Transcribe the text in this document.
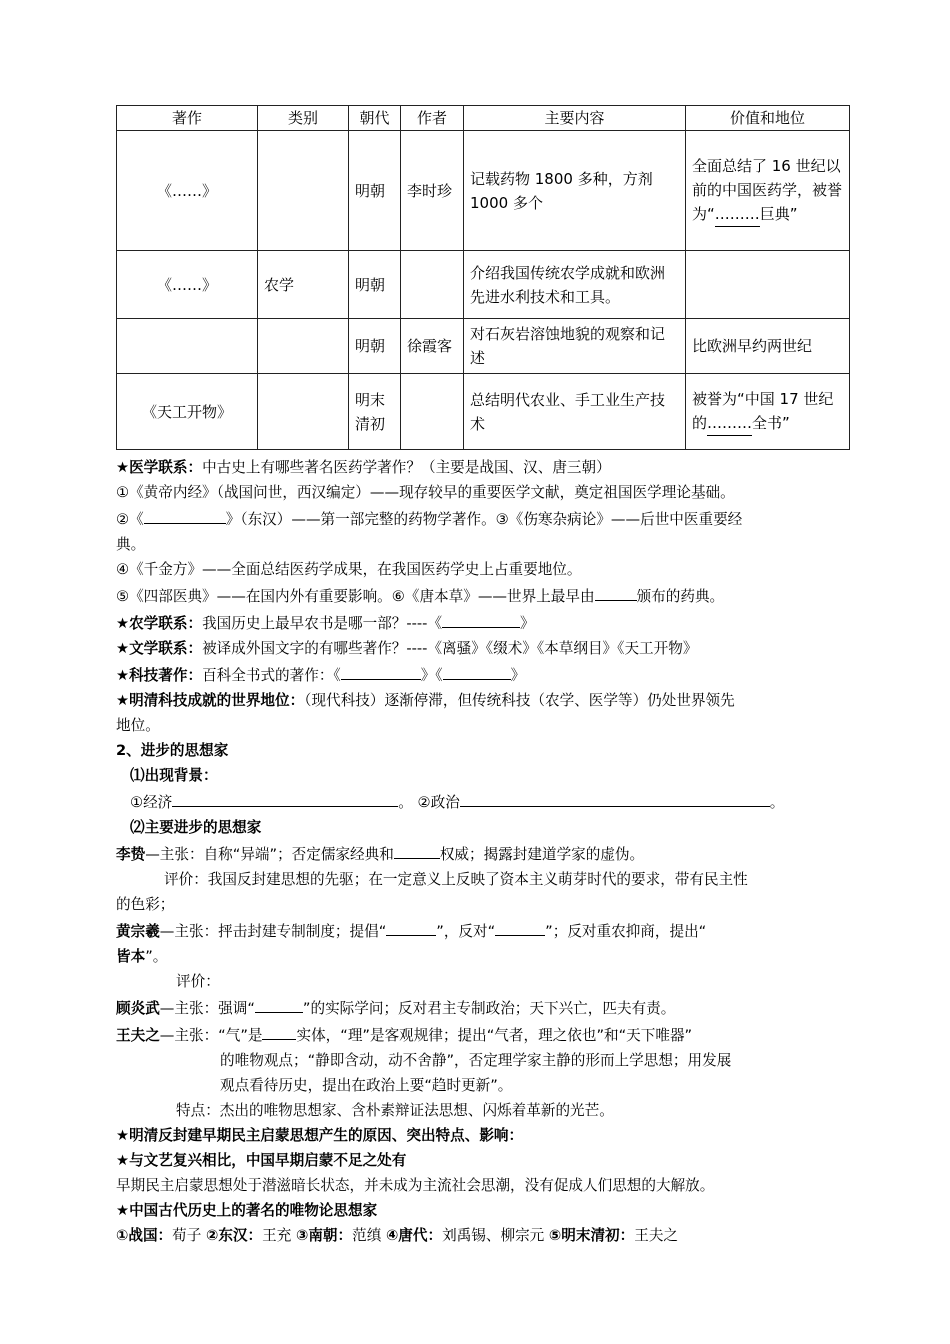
著作	类别	朝代	作者	主要内容	价值和地位
《……》		明朝	李时珍	记载药物 1800 多种，方剂 1000 多个	全面总结了 16 世纪以前的中国医药学，被誉为“………巨典”
《……》	农学	明朝		介绍我国传统农学成就和欧洲先进水利技术和工具。	
		明朝	徐霞客	对石灰岩溶蚀地貌的观察和记述	比欧洲早约两世纪
《天工开物》		明末清初		总结明代农业、手工业生产技术	被誉为“中国 17 世纪的………全书”
★医学联系：中古史上有哪些著名医药学著作？（主要是战国、汉、唐三朝）
①《黄帝内经》（战国问世，西汉编定）——现存较早的重要医学文献，奠定祖国医学理论基础。
②《	》（东汉）——第一部完整的药物学著作。③《伤寒杂病论》——后世中医重要经
典。
④《千金方》——全面总结医药学成果，在我国医药学史上占重要地位。
⑤《四部医典》——在国内外有重要影响。⑥《唐本草》——世界上最早由	颁布的药典。
★农学联系：我国历史上最早农书是哪一部？----《	》
★文学联系：被译成外国文字的有哪些著作？----《离骚》《缀术》《本草纲目》《天工开物》
★科技著作：百科全书式的著作：《	》《	》
★明清科技成就的世界地位：（现代科技）逐渐停滞，但传统科技（农学、医学等）仍处世界领先
地位。
2、进步的思想家
⑴出现背景：
①经济	。 ②政治	。
⑵主要进步的思想家
李贽—主张：自称“异端”；否定儒家经典和	权威；揭露封建道学家的虚伪。
评价：我国反封建思想的先驱；在一定意义上反映了资本主义萌芽时代的要求，带有民主性
的色彩；
黄宗羲—主张：抨击封建专制制度；提倡“	”，反对“	”；反对重农抑商，提出“
皆本”。
评价：
顾炎武—主张：强调“	”的实际学问；反对君主专制政治；天下兴亡，匹夫有责。
王夫之—主张：“气”是 实体，“理”是客观规律；提出“气者，理之依也”和“天下唯器”
的唯物观点；“静即含动，动不舍静”，否定理学家主静的形而上学思想；用发展
观点看待历史，提出在政治上要“趋时更新”。
特点：杰出的唯物思想家、含朴素辩证法思想、闪烁着革新的光芒。
★明清反封建早期民主启蒙思想产生的原因、突出特点、影响：
★与文艺复兴相比，中国早期启蒙不足之处有
早期民主启蒙思想处于潜滋暗长状态，并未成为主流社会思潮，没有促成人们思想的大解放。
★中国古代历史上的著名的唯物论思想家
①战国：荀子 ②东汉：王充 ③南朝：范缜 ④唐代：刘禹锡、柳宗元 ⑤明末清初：王夫之
